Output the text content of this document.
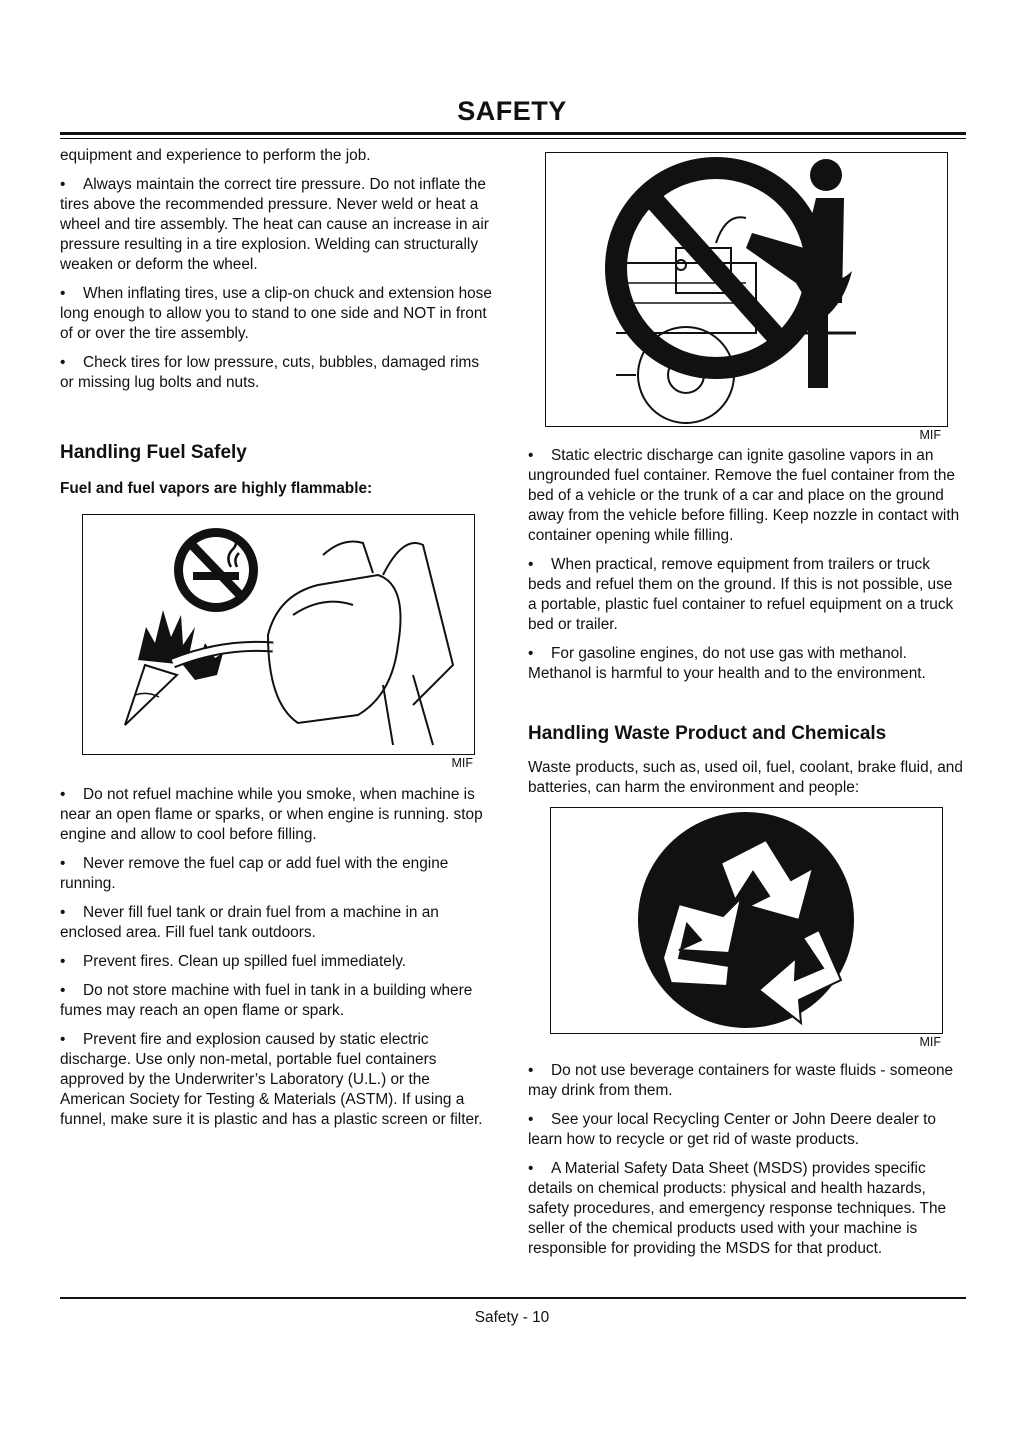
SAFETY

equipment and experience to perform the job.

• Always maintain the correct tire pressure. Do not inflate the tires above the recommended pressure. Never weld or heat a wheel and tire assembly. The heat can cause an increase in air pressure resulting in a tire explosion. Welding can structurally weaken or deform the wheel.
• When inflating tires, use a clip-on chuck and extension hose long enough to allow you to stand to one side and NOT in front of or over the tire assembly.
• Check tires for low pressure, cuts, bubbles, damaged rims or missing lug bolts and nuts.
Handling Fuel Safely
Fuel and fuel vapors are highly flammable:
MIF
• Do not refuel machine while you smoke, when machine is near an open flame or sparks, or when engine is running. stop engine and allow to cool before filling.
• Never remove the fuel cap or add fuel with the engine running.
• Never fill fuel tank or drain fuel from a machine in an enclosed area. Fill fuel tank outdoors.
• Prevent fires. Clean up spilled fuel immediately.
• Do not store machine with fuel in tank in a building where fumes may reach an open flame or spark.
• Prevent fire and explosion caused by static electric discharge. Use only non-metal, portable fuel containers approved by the Underwriter’s Laboratory (U.L.) or the American Society for Testing & Materials (ASTM). If using a funnel, make sure it is plastic and has a plastic screen or filter.
MIF
• Static electric discharge can ignite gasoline vapors in an ungrounded fuel container. Remove the fuel container from the bed of a vehicle or the trunk of a car and place on the ground away from the vehicle before filling. Keep nozzle in contact with container opening while filling.
• When practical, remove equipment from trailers or truck beds and refuel them on the ground. If this is not possible, use a portable, plastic fuel container to refuel equipment on a truck bed or trailer.
• For gasoline engines, do not use gas with methanol. Methanol is harmful to your health and to the environment.
Handling Waste Product and Chemicals

Waste products, such as, used oil, fuel, coolant, brake fluid, and batteries, can harm the environment and people:

MIF
• Do not use beverage containers for waste fluids - someone may drink from them.
• See your local Recycling Center or John Deere dealer to learn how to recycle or get rid of waste products.
• A Material Safety Data Sheet (MSDS) provides specific details on chemical products: physical and health hazards, safety procedures, and emergency response techniques. The seller of the chemical products used with your machine is responsible for providing the MSDS for that product.
Safety - 10
